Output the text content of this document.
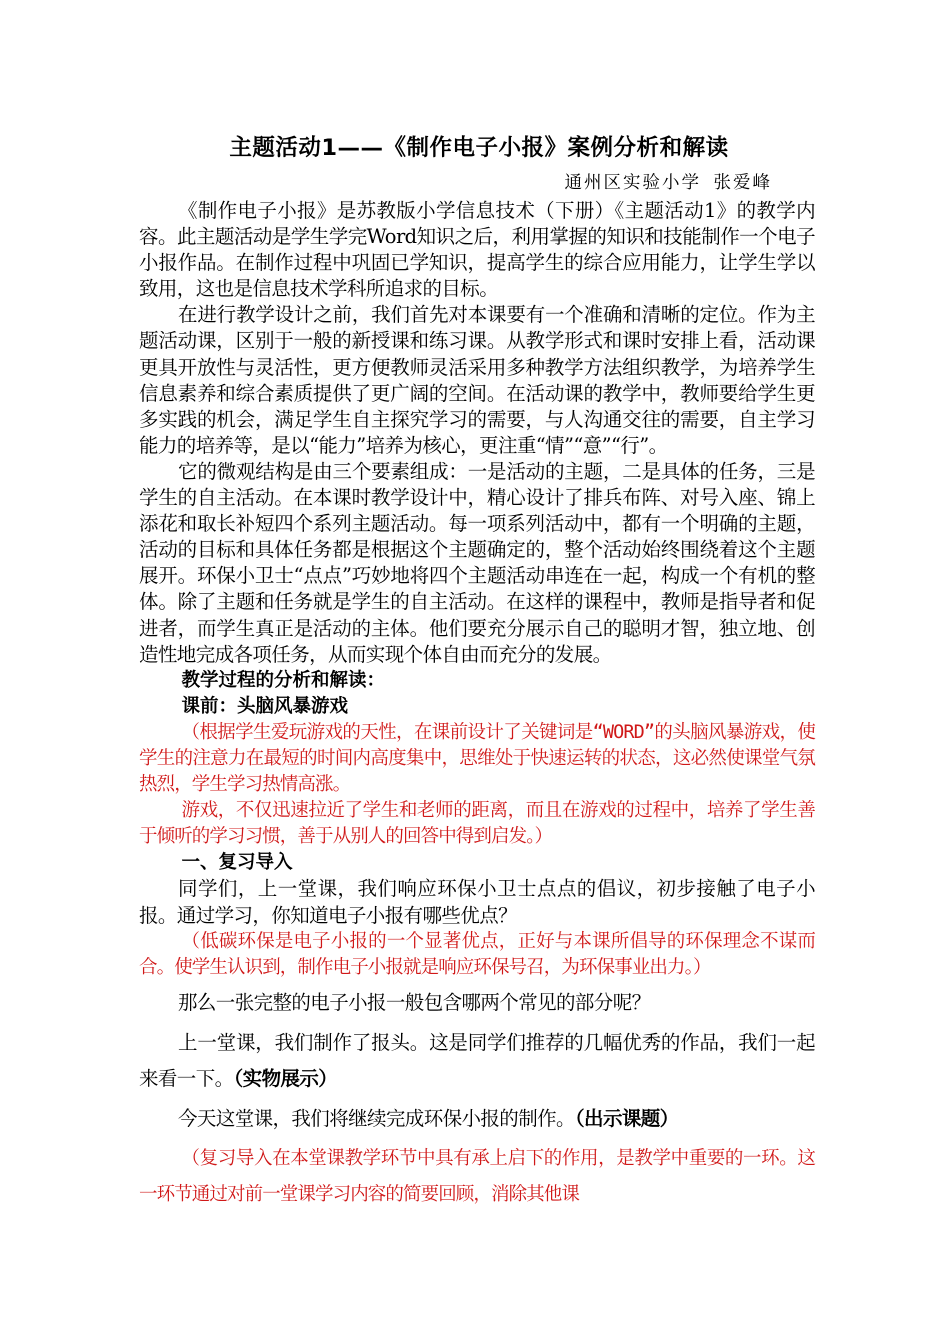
主题活动1——《制作电子小报》案例分析和解读

通州区实验小学 张爱峰

《制作电子小报》是苏教版小学信息技术（下册）《主题活动1》的教学内容。此主题活动是学生学完Word知识之后，利用掌握的知识和技能制作一个电子小报作品。在制作过程中巩固已学知识，提高学生的综合应用能力，让学生学以致用，这也是信息技术学科所追求的目标。

在进行教学设计之前，我们首先对本课要有一个准确和清晰的定位。作为主题活动课，区别于一般的新授课和练习课。从教学形式和课时安排上看，活动课更具开放性与灵活性，更方便教师灵活采用多种教学方法组织教学，为培养学生信息素养和综合素质提供了更广阔的空间。在活动课的教学中，教师要给学生更多实践的机会，满足学生自主探究学习的需要，与人沟通交往的需要，自主学习能力的培养等，是以“能力”培养为核心，更注重“情”“意”“行”。

它的微观结构是由三个要素组成：一是活动的主题，二是具体的任务，三是学生的自主活动。在本课时教学设计中，精心设计了排兵布阵、对号入座、锦上添花和取长补短四个系列主题活动。每一项系列活动中，都有一个明确的主题，活动的目标和具体任务都是根据这个主题确定的，整个活动始终围绕着这个主题展开。环保小卫士“点点”巧妙地将四个主题活动串连在一起，构成一个有机的整体。除了主题和任务就是学生的自主活动。在这样的课程中，教师是指导者和促进者，而学生真正是活动的主体。他们要充分展示自己的聪明才智，独立地、创造性地完成各项任务，从而实现个体自由而充分的发展。

教学过程的分析和解读：

课前：头脑风暴游戏

（根据学生爱玩游戏的天性，在课前设计了关键词是“WORD”的头脑风暴游戏，使学生的注意力在最短的时间内高度集中，思维处于快速运转的状态，这必然使课堂气氛热烈，学生学习热情高涨。

游戏，不仅迅速拉近了学生和老师的距离，而且在游戏的过程中，培养了学生善于倾听的学习习惯，善于从别人的回答中得到启发。）

一、复习导入

同学们，上一堂课，我们响应环保小卫士点点的倡议，初步接触了电子小报。通过学习，你知道电子小报有哪些优点？

（低碳环保是电子小报的一个显著优点，正好与本课所倡导的环保理念不谋而合。使学生认识到，制作电子小报就是响应环保号召，为环保事业出力。）

那么一张完整的电子小报一般包含哪两个常见的部分呢？

上一堂课，我们制作了报头。这是同学们推荐的几幅优秀的作品，我们一起来看一下。（实物展示）

今天这堂课，我们将继续完成环保小报的制作。（出示课题）

（复习导入在本堂课教学环节中具有承上启下的作用，是教学中重要的一环。这一环节通过对前一堂课学习内容的简要回顾，消除其他课
